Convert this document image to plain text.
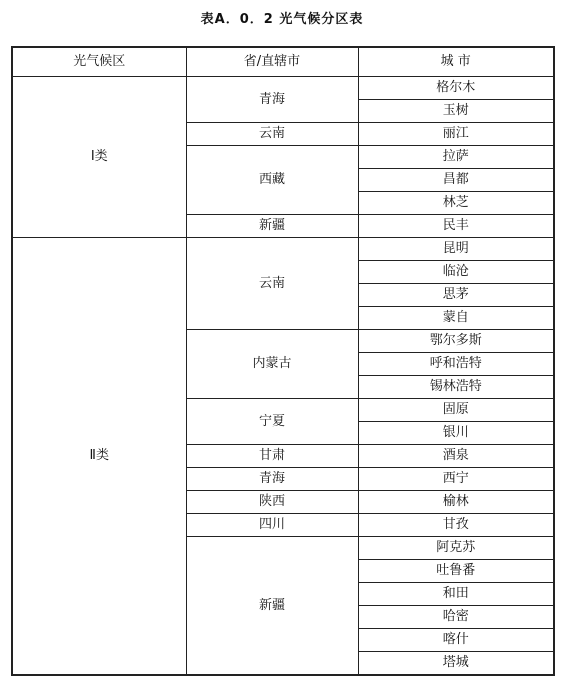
表A．0．2 光气候分区表
光气候区	省/直辖市	城 市
Ⅰ类	青海	格尔木
		玉树
	云南	丽江
	西藏	拉萨
		昌都
		林芝
	新疆	民丰
Ⅱ类	云南	昆明
		临沧
		思茅
		蒙自
	内蒙古	鄂尔多斯
		呼和浩特
		锡林浩特
	宁夏	固原
		银川
	甘肃	酒泉
	青海	西宁
	陕西	榆林
	四川	甘孜
	新疆	阿克苏
		吐鲁番
		和田
		哈密
		喀什
		塔城
